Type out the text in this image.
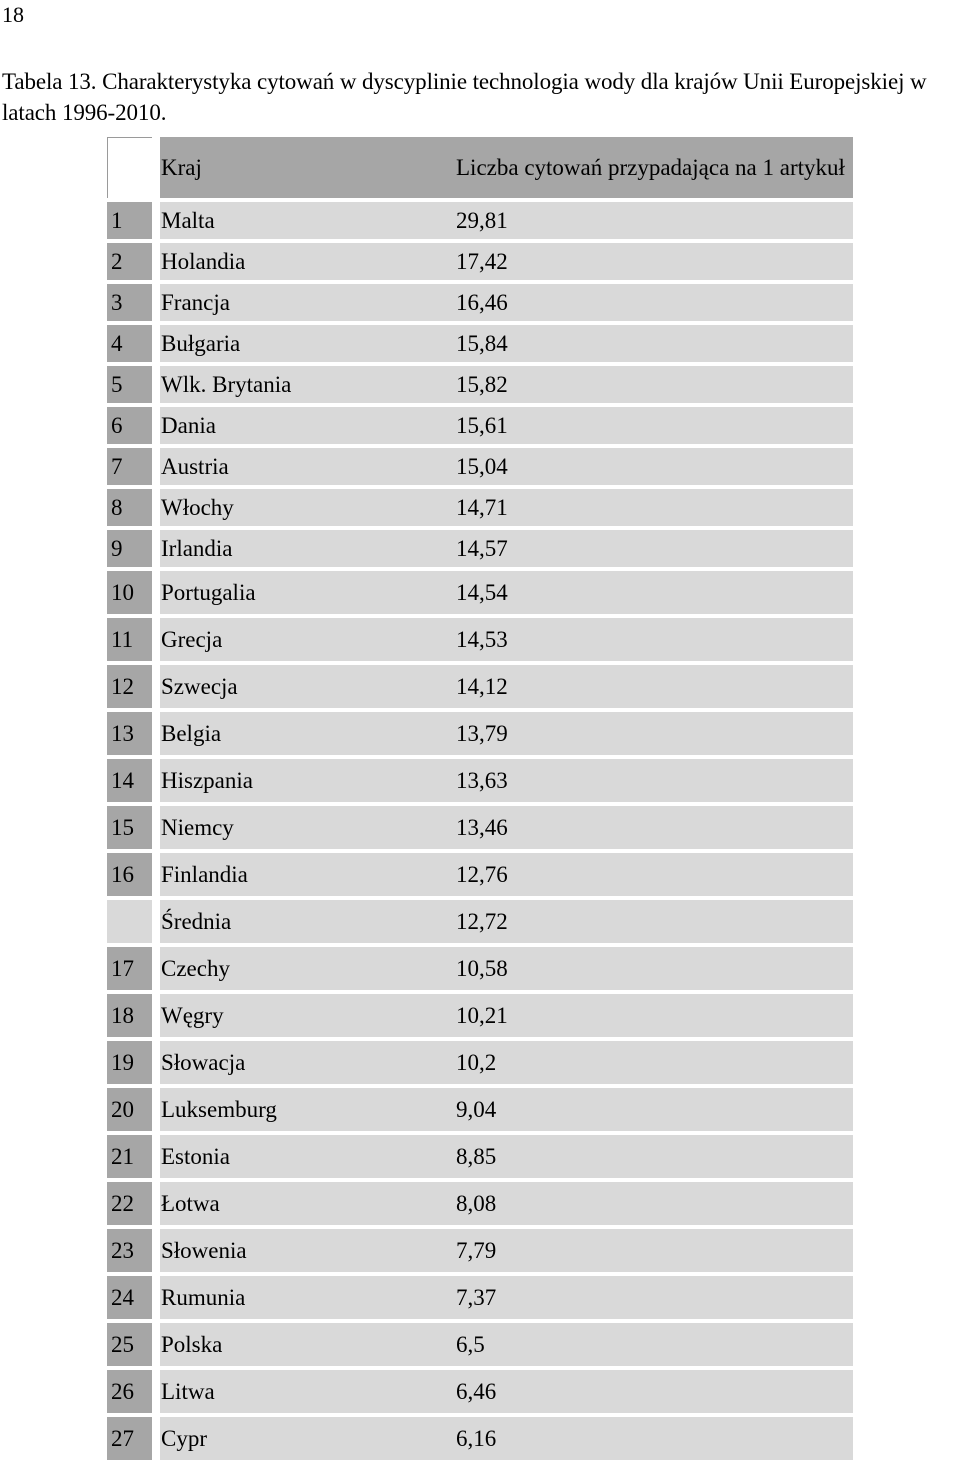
18
Tabela 13. Charakterystyka cytowań w dyscyplinie technologia wody dla krajów Unii Europejskiej w latach 1996-2010.
		Kraj	Liczba cytowań przypadająca na 1 artykuł
1		Malta	29,81
2		Holandia	17,42
3		Francja	16,46
4		Bułgaria	15,84
5		Wlk. Brytania	15,82
6		Dania	15,61
7		Austria	15,04
8		Włochy	14,71
9		Irlandia	14,57
10		Portugalia	14,54
11		Grecja	14,53
12		Szwecja	14,12
13		Belgia	13,79
14		Hiszpania	13,63
15		Niemcy	13,46
16		Finlandia	12,76
		Średnia	12,72
17		Czechy	10,58
18		Węgry	10,21
19		Słowacja	10,2
20		Luksemburg	9,04
21		Estonia	8,85
22		Łotwa	8,08
23		Słowenia	7,79
24		Rumunia	7,37
25		Polska	6,5
26		Litwa	6,46
27		Cypr	6,16
